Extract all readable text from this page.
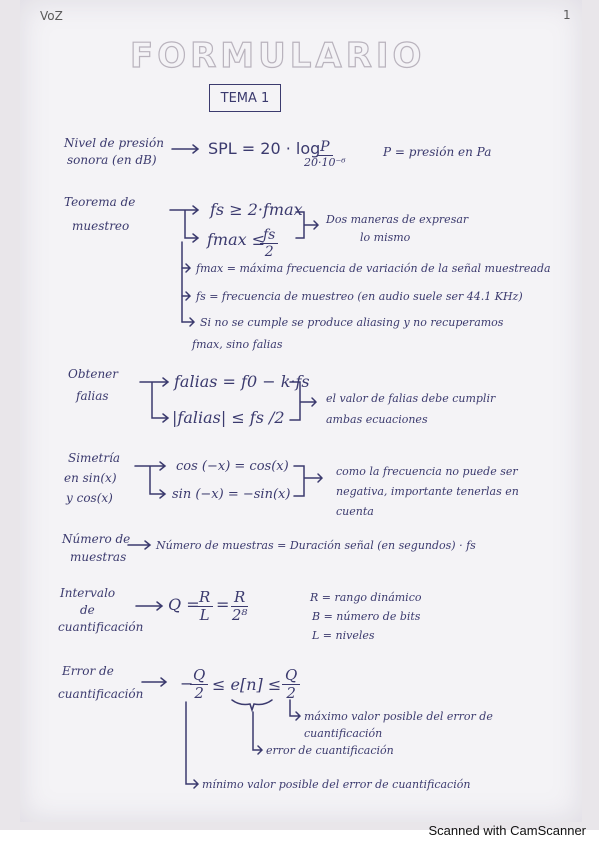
VoZ	1
FORMULARIO
TEMA 1
Nivel de presión
sonora (en dB)
SPL = 20 · log P
20·10⁻⁶
P = presión en Pa
Teorema de
muestreo
fs ≥ 2·fmax
fmax ≤
$\frac{fs}{2}$
Dos maneras de expresar
lo mismo
fmax = máxima frecuencia de variación de la señal muestreada
fs = frecuencia de muestreo (en audio suele ser 44.1 KHz)
Si no se cumple se produce aliasing y no recuperamos
fmax, sino falias
Obtener
falias
falias = f0 − k·fs
|falias| ≤ fs /2
el valor de falias debe cumplir
ambas ecuaciones
Simetría
en sin(x)
y cos(x)
cos (−x) = cos(x)
sin (−x) = −sin(x)
como la frecuencia no puede ser
negativa, importante tenerlas en
cuenta
Número de
muestras
Número de muestras = Duración señal (en segundos) · fs
Intervalo
de
cuantificación
Q =
$\frac{R}{L} = \frac{R}{\text{2⁸}}$	R = rango dinámico
B = número de bits
L = niveles
Error de
cuantificación
−
$\frac{Q}{2} \le e[n] \le \frac{Q}{2}$
máximo valor posible del error de
cuantificación
error de cuantificación
mínimo valor posible del error de cuantificación
Scanned with CamScanner
